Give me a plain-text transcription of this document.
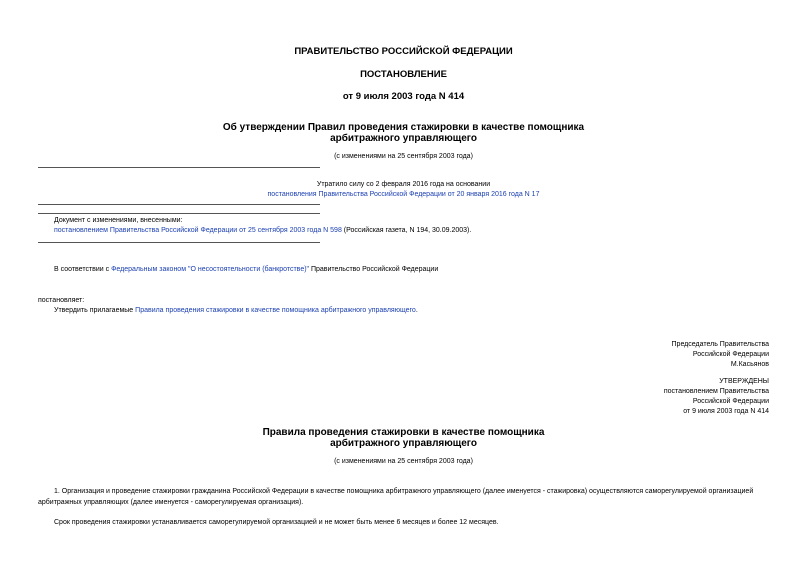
ПРАВИТЕЛЬСТВО РОССИЙСКОЙ ФЕДЕРАЦИИ
ПОСТАНОВЛЕНИЕ
от 9 июля 2003 года N 414
Об утверждении Правил проведения стажировки в качестве помощника
арбитражного управляющего
(с изменениями на 25 сентября 2003 года)
Утратило силу со 2 февраля 2016 года на основании
постановления Правительства Российской Федерации от 20 января 2016 года N 17
Документ с изменениями, внесенными:
постановлением Правительства Российской Федерации от 25 сентября 2003 года N 598 (Российская газета, N 194, 30.09.2003).
В соответствии с Федеральным законом "О несостоятельности (банкротстве)" Правительство Российской Федерации
постановляет:
Утвердить прилагаемые Правила проведения стажировки в качестве помощника арбитражного управляющего.
Председатель Правительства
Российской Федерации
М.Касьянов
УТВЕРЖДЕНЫ
постановлением Правительства
Российской Федерации
от 9 июля 2003 года N 414
Правила проведения стажировки в качестве помощника
арбитражного управляющего
(с изменениями на 25 сентября 2003 года)
1. Организация и проведение стажировки гражданина Российской Федерации в качестве помощника арбитражного управляющего (далее именуется - стажировка) осуществляются саморегулируемой организацией
арбитражных управляющих (далее именуется - саморегулируемая организация).
Срок проведения стажировки устанавливается саморегулируемой организацией и не может быть менее 6 месяцев и более 12 месяцев.
